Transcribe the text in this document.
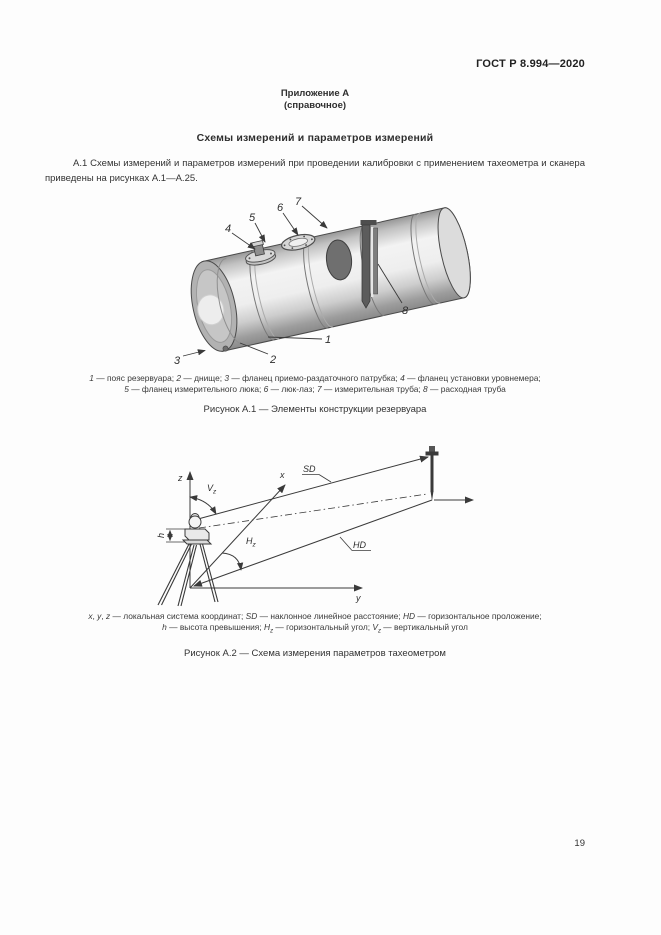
ГОСТ Р 8.994—2020
Приложение А
(справочное)
Схемы измерений и параметров измерений
А.1 Схемы измерений и параметров измерений при проведении калибровки с применением тахеометра и сканера приведены на рисунках А.1—А.25.
1
2
3
4
5
6 7
8
1 — пояс резервуара; 2 — днище; 3 — фланец приемо-раздаточного патрубка; 4 — фланец установки уровнемера;
5 — фланец измерительного люка; 6 — люк-лаз; 7 — измерительная труба; 8 — расходная труба
Рисунок А.1 — Элементы конструкции резервуара
z	x
y
SD
HD
$V_z$
$H_z$
h
x, y, z — локальная система координат; SD — наклонное линейное расстояние; HD — горизонтальное проложение;
h — высота превышения; $H_z$ — горизонтальный угол; $V_z$ — вертикальный угол
Рисунок А.2 — Схема измерения параметров тахеометром
19
